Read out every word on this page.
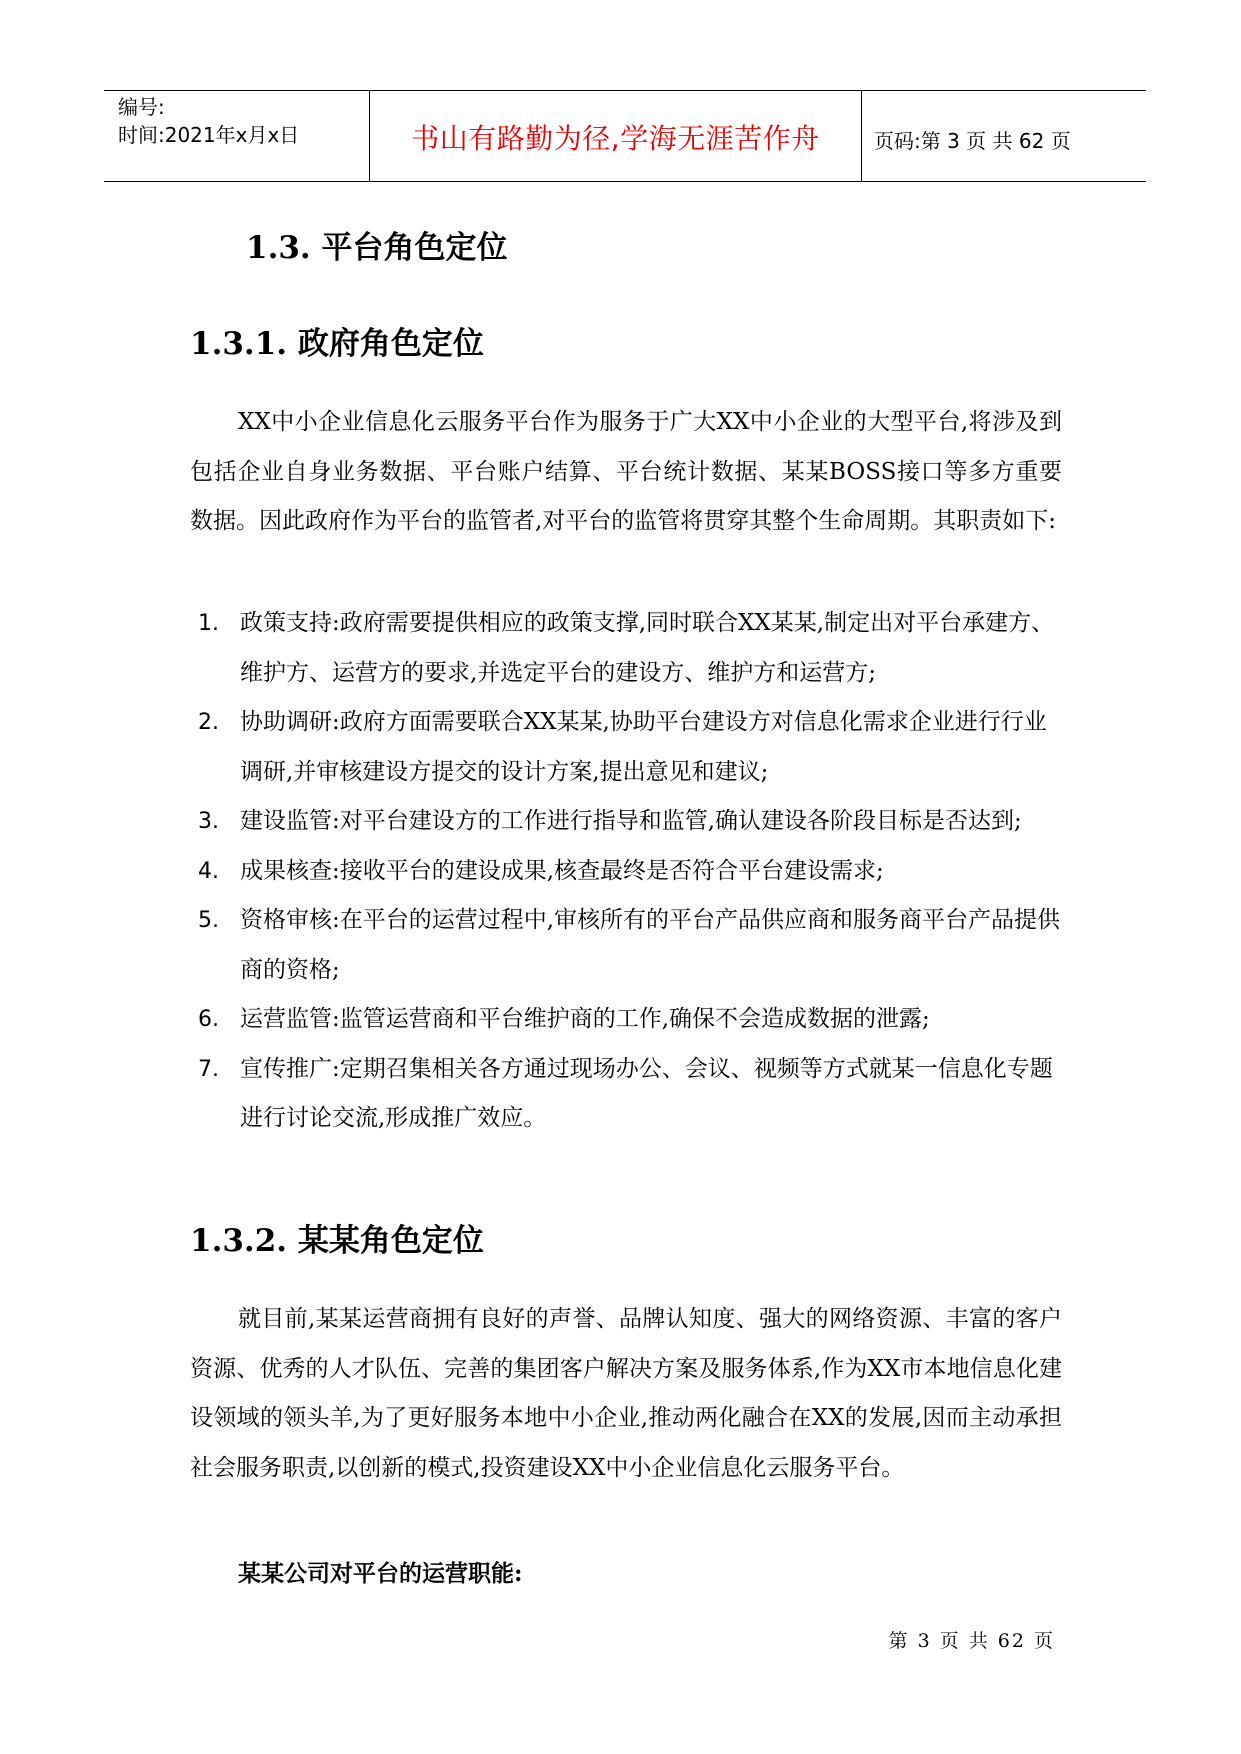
编号:
时间:2021年x月x日	书山有路勤为径,学海无涯苦作舟	页码:第 3 页 共 62 页
1.3. 平台角色定位
1.3.1. 政府角色定位
XX中小企业信息化云服务平台作为服务于广大XX中小企业的大型平台,将涉及到包括企业自身业务数据、平台账户结算、平台统计数据、某某BOSS接口等多方重要数据。因此政府作为平台的监管者,对平台的监管将贯穿其整个生命周期。其职责如下:
1. 政策支持:政府需要提供相应的政策支撑,同时联合XX某某,制定出对平台承建方、维护方、运营方的要求,并选定平台的建设方、维护方和运营方;
2. 协助调研:政府方面需要联合XX某某,协助平台建设方对信息化需求企业进行行业调研,并审核建设方提交的设计方案,提出意见和建议;
3. 建设监管:对平台建设方的工作进行指导和监管,确认建设各阶段目标是否达到;
4. 成果核查:接收平台的建设成果,核查最终是否符合平台建设需求;
5. 资格审核:在平台的运营过程中,审核所有的平台产品供应商和服务商平台产品提供商的资格;
6. 运营监管:监管运营商和平台维护商的工作,确保不会造成数据的泄露;
7. 宣传推广:定期召集相关各方通过现场办公、会议、视频等方式就某一信息化专题进行讨论交流,形成推广效应。
1.3.2. 某某角色定位
就目前,某某运营商拥有良好的声誉、品牌认知度、强大的网络资源、丰富的客户资源、优秀的人才队伍、完善的集团客户解决方案及服务体系,作为XX市本地信息化建设领域的领头羊,为了更好服务本地中小企业,推动两化融合在XX的发展,因而主动承担社会服务职责,以创新的模式,投资建设XX中小企业信息化云服务平台。
某某公司对平台的运营职能:
第 3 页 共 62 页
